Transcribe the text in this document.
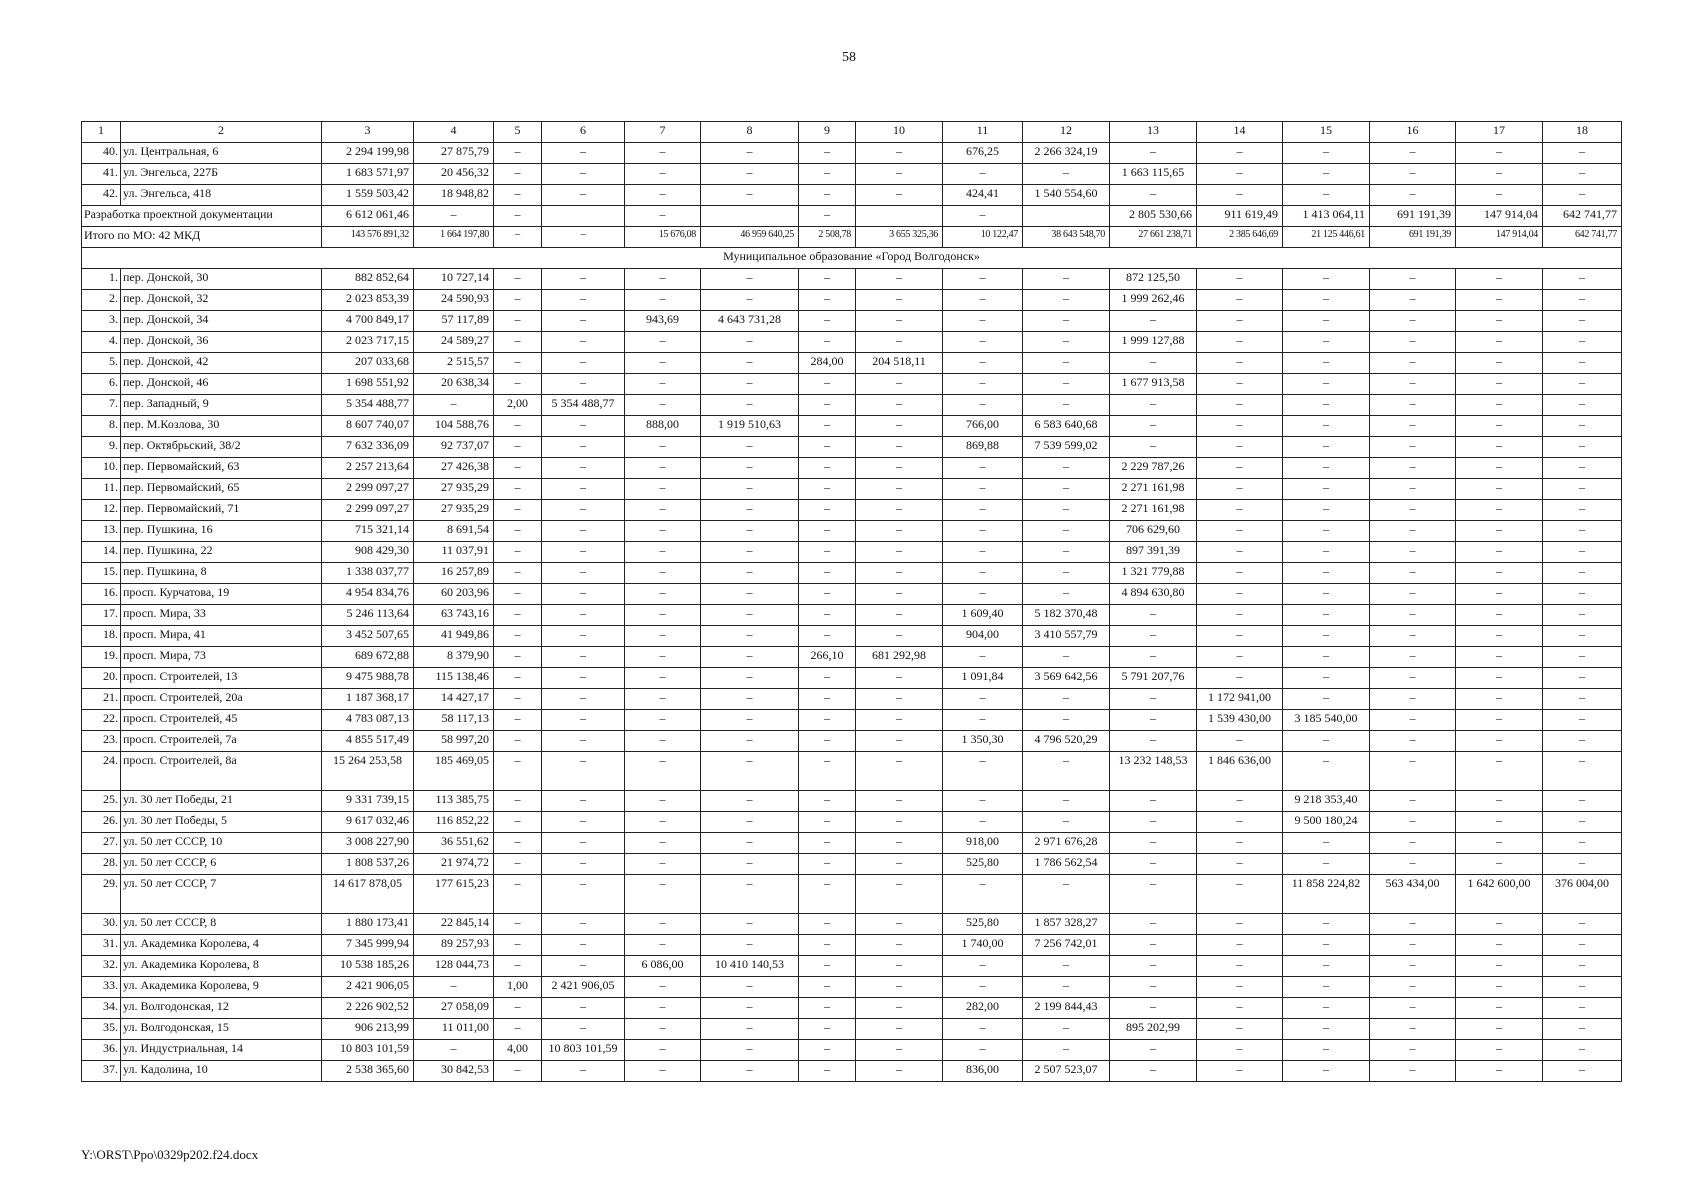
58
1	2	3	4	5	6	7	8	9	10	11	12	13	14	15	16	17	18
40.	ул. Центральная, 6	2 294 199,98	27 875,79	–	–	–	–	–	–	676,25	2 266 324,19	–	–	–	–	–	–
41.	ул. Энгельса, 227Б	1 683 571,97	20 456,32	–	–	–	–	–	–	–	–	1 663 115,65	–	–	–	–	–
42.	ул. Энгельса, 418	1 559 503,42	18 948,82	–	–	–	–	–	–	424,41	1 540 554,60	–	–	–	–	–	–
Разработка проектной документации		6 612 061,46	–	–		–		–		–		2 805 530,66	911 619,49	1 413 064,11	691 191,39	147 914,04	642 741,77
Итого по МО: 42 МКД		143 576 891,32	1 664 197,80	–	–	15 676,08	46 959 640,25	2 508,78	3 655 325,36	10 122,47	38 643 548,70	27 661 238,71	2 385 646,69	21 125 446,61	691 191,39	147 914,04	642 741,77
Муниципальное образование «Город Волгодонск»																	
1.	пер. Донской, 30	882 852,64	10 727,14	–	–	–	–	–	–	–	–	872 125,50	–	–	–	–	–
2.	пер. Донской, 32	2 023 853,39	24 590,93	–	–	–	–	–	–	–	–	1 999 262,46	–	–	–	–	–
3.	пер. Донской, 34	4 700 849,17	57 117,89	–	–	943,69	4 643 731,28	–	–	–	–	–	–	–	–	–	–
4.	пер. Донской, 36	2 023 717,15	24 589,27	–	–	–	–	–	–	–	–	1 999 127,88	–	–	–	–	–
5.	пер. Донской, 42	207 033,68	2 515,57	–	–	–	–	284,00	204 518,11	–	–	–	–	–	–	–	–
6.	пер. Донской, 46	1 698 551,92	20 638,34	–	–	–	–	–	–	–	–	1 677 913,58	–	–	–	–	–
7.	пер. Западный, 9	5 354 488,77	–	2,00	5 354 488,77	–	–	–	–	–	–	–	–	–	–	–	–
8.	пер. М.Козлова, 30	8 607 740,07	104 588,76	–	–	888,00	1 919 510,63	–	–	766,00	6 583 640,68	–	–	–	–	–	–
9.	пер. Октябрьский, 38/2	7 632 336,09	92 737,07	–	–	–	–	–	–	869,88	7 539 599,02	–	–	–	–	–	–
10.	пер. Первомайский, 63	2 257 213,64	27 426,38	–	–	–	–	–	–	–	–	2 229 787,26	–	–	–	–	–
11.	пер. Первомайский, 65	2 299 097,27	27 935,29	–	–	–	–	–	–	–	–	2 271 161,98	–	–	–	–	–
12.	пер. Первомайский, 71	2 299 097,27	27 935,29	–	–	–	–	–	–	–	–	2 271 161,98	–	–	–	–	–
13.	пер. Пушкина, 16	715 321,14	8 691,54	–	–	–	–	–	–	–	–	706 629,60	–	–	–	–	–
14.	пер. Пушкина, 22	908 429,30	11 037,91	–	–	–	–	–	–	–	–	897 391,39	–	–	–	–	–
15.	пер. Пушкина, 8	1 338 037,77	16 257,89	–	–	–	–	–	–	–	–	1 321 779,88	–	–	–	–	–
16.	просп. Курчатова, 19	4 954 834,76	60 203,96	–	–	–	–	–	–	–	–	4 894 630,80	–	–	–	–	–
17.	просп. Мира, 33	5 246 113,64	63 743,16	–	–	–	–	–	–	1 609,40	5 182 370,48	–	–	–	–	–	–
18.	просп. Мира, 41	3 452 507,65	41 949,86	–	–	–	–	–	–	904,00	3 410 557,79	–	–	–	–	–	–
19.	просп. Мира, 73	689 672,88	8 379,90	–	–	–	–	266,10	681 292,98	–	–	–	–	–	–	–	–
20.	просп. Строителей, 13	9 475 988,78	115 138,46	–	–	–	–	–	–	1 091,84	3 569 642,56	5 791 207,76	–	–	–	–	–
21.	просп. Строителей, 20а	1 187 368,17	14 427,17	–	–	–	–	–	–	–	–	–	1 172 941,00	–	–	–	–
22.	просп. Строителей, 45	4 783 087,13	58 117,13	–	–	–	–	–	–	–	–	–	1 539 430,00	3 185 540,00	–	–	–
23.	просп. Строителей, 7а	4 855 517,49	58 997,20	–	–	–	–	–	–	1 350,30	4 796 520,29	–	–	–	–	–	–
24.	просп. Строителей, 8а	15 264 253,58	185 469,05	–	–	–	–	–	–	–	–	13 232 148,53	1 846 636,00	–	–	–	–
25.	ул. 30 лет Победы, 21	9 331 739,15	113 385,75	–	–	–	–	–	–	–	–	–	–	9 218 353,40	–	–	–
26.	ул. 30 лет Победы, 5	9 617 032,46	116 852,22	–	–	–	–	–	–	–	–	–	–	9 500 180,24	–	–	–
27.	ул. 50 лет СССР, 10	3 008 227,90	36 551,62	–	–	–	–	–	–	918,00	2 971 676,28	–	–	–	–	–	–
28.	ул. 50 лет СССР, 6	1 808 537,26	21 974,72	–	–	–	–	–	–	525,80	1 786 562,54	–	–	–	–	–	–
29.	ул. 50 лет СССР, 7	14 617 878,05	177 615,23	–	–	–	–	–	–	–	–	–	–	11 858 224,82	563 434,00	1 642 600,00	376 004,00
30.	ул. 50 лет СССР, 8	1 880 173,41	22 845,14	–	–	–	–	–	–	525,80	1 857 328,27	–	–	–	–	–	–
31.	ул. Академика Королева, 4	7 345 999,94	89 257,93	–	–	–	–	–	–	1 740,00	7 256 742,01	–	–	–	–	–	–
32.	ул. Академика Королева, 8	10 538 185,26	128 044,73	–	–	6 086,00	10 410 140,53	–	–	–	–	–	–	–	–	–	–
33.	ул. Академика Королева, 9	2 421 906,05	–	1,00	2 421 906,05	–	–	–	–	–	–	–	–	–	–	–	–
34.	ул. Волгодонская, 12	2 226 902,52	27 058,09	–	–	–	–	–	–	282,00	2 199 844,43	–	–	–	–	–	–
35.	ул. Волгодонская, 15	906 213,99	11 011,00	–	–	–	–	–	–	–	–	895 202,99	–	–	–	–	–
36.	ул. Индустриальная, 14	10 803 101,59	–	4,00	10 803 101,59	–	–	–	–	–	–	–	–	–	–	–	–
37.	ул. Кадолина, 10	2 538 365,60	30 842,53	–	–	–	–	–	–	836,00	2 507 523,07	–	–	–	–	–	–
Y:\ORST\Ppo\0329p202.f24.docx
